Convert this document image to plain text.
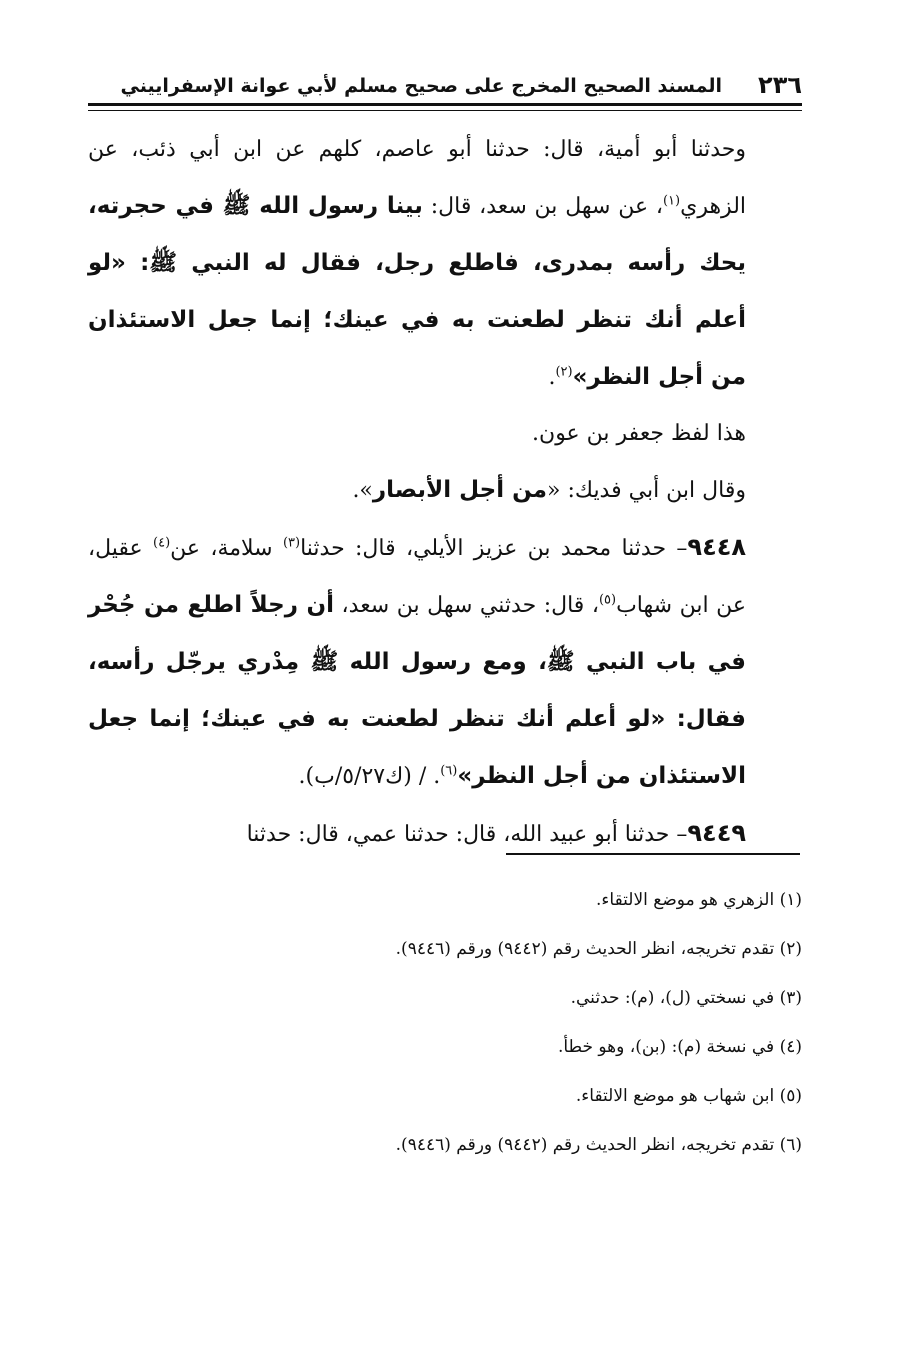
٢٣٦
المسند الصحيح المخرج على صحيح مسلم لأبي عوانة الإسفراييني

وحدثنا أبو أمية، قال: حدثنا أبو عاصم، كلهم عن ابن أبي ذئب، عن الزهري$^{(١)}$، عن سهل بن سعد، قال: بينا رسول الله ﷺ في حجرته، يحك رأسه بمدرى، فاطلع رجل، فقال له النبي ﷺ: «لو أعلم أنك تنظر لطعنت به في عينك؛ إنما جعل الاستئذان من أجل النظر»$^{(٢)}$.

هذا لفظ جعفر بن عون.

وقال ابن أبي فديك: «من أجل الأبصار».

٩٤٤٨– حدثنا محمد بن عزيز الأيلي، قال: حدثنا$^{(٣)}$ سلامة، عن$^{(٤)}$ عقيل، عن ابن شهاب$^{(٥)}$، قال: حدثني سهل بن سعد، أن رجلاً اطلع من جُحْر في باب النبي ﷺ، ومع رسول الله ﷺ مِدْري يرجّل رأسه، فقال: «لو أعلم أنك تنظر لطعنت به في عينك؛ إنما جعل الاستئذان من أجل النظر»$^{(٦)}$. / (ك٥/٢٧/ب).

٩٤٤٩– حدثنا أبو عبيد الله، قال: حدثنا عمي، قال: حدثنا

(١) الزهري هو موضع الالتقاء.

(٢) تقدم تخريجه، انظر الحديث رقم (٩٤٤٢) ورقم (٩٤٤٦).

(٣) في نسختي (ل)، (م): حدثني.

(٤) في نسخة (م): (بن)، وهو خطأ.

(٥) ابن شهاب هو موضع الالتقاء.

(٦) تقدم تخريجه، انظر الحديث رقم (٩٤٤٢) ورقم (٩٤٤٦).
